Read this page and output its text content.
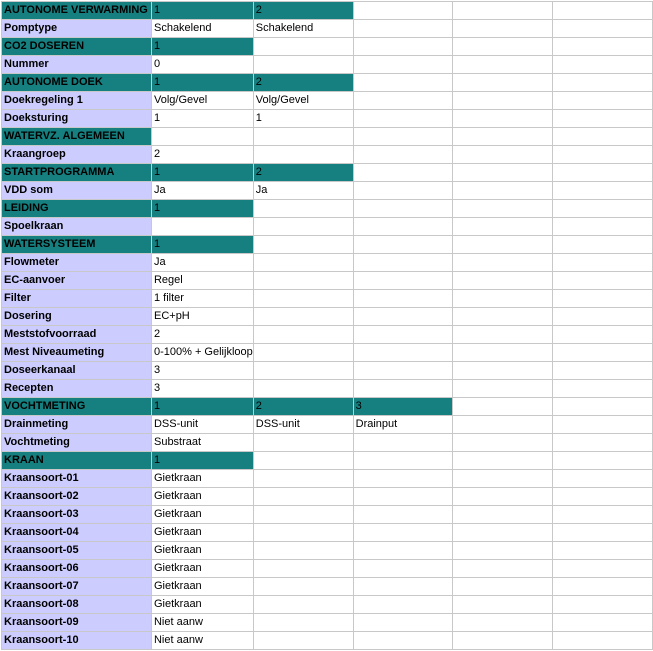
AUTONOME VERWARMING	1	2			
Pomptype	Schakelend	Schakelend			
CO2 DOSEREN	1				
Nummer	0				
AUTONOME DOEK	1	2			
Doekregeling 1	Volg/Gevel	Volg/Gevel			
Doeksturing	1	1			
WATERVZ. ALGEMEEN					
Kraangroep	2				
STARTPROGRAMMA	1	2			
VDD som	Ja	Ja			
LEIDING	1				
Spoelkraan					
WATERSYSTEEM	1				
Flowmeter	Ja				
EC-aanvoer	Regel				
Filter	1 filter				
Dosering	EC+pH				
Meststofvoorraad	2				
Mest Niveaumeting	0-100% + Gelijkloop				
Doseerkanaal	3				
Recepten	3				
VOCHTMETING	1	2	3		
Drainmeting	DSS-unit	DSS-unit	Drainput		
Vochtmeting	Substraat				
KRAAN	1				
Kraansoort-01	Gietkraan				
Kraansoort-02	Gietkraan				
Kraansoort-03	Gietkraan				
Kraansoort-04	Gietkraan				
Kraansoort-05	Gietkraan				
Kraansoort-06	Gietkraan				
Kraansoort-07	Gietkraan				
Kraansoort-08	Gietkraan				
Kraansoort-09	Niet aanw				
Kraansoort-10	Niet aanw				
